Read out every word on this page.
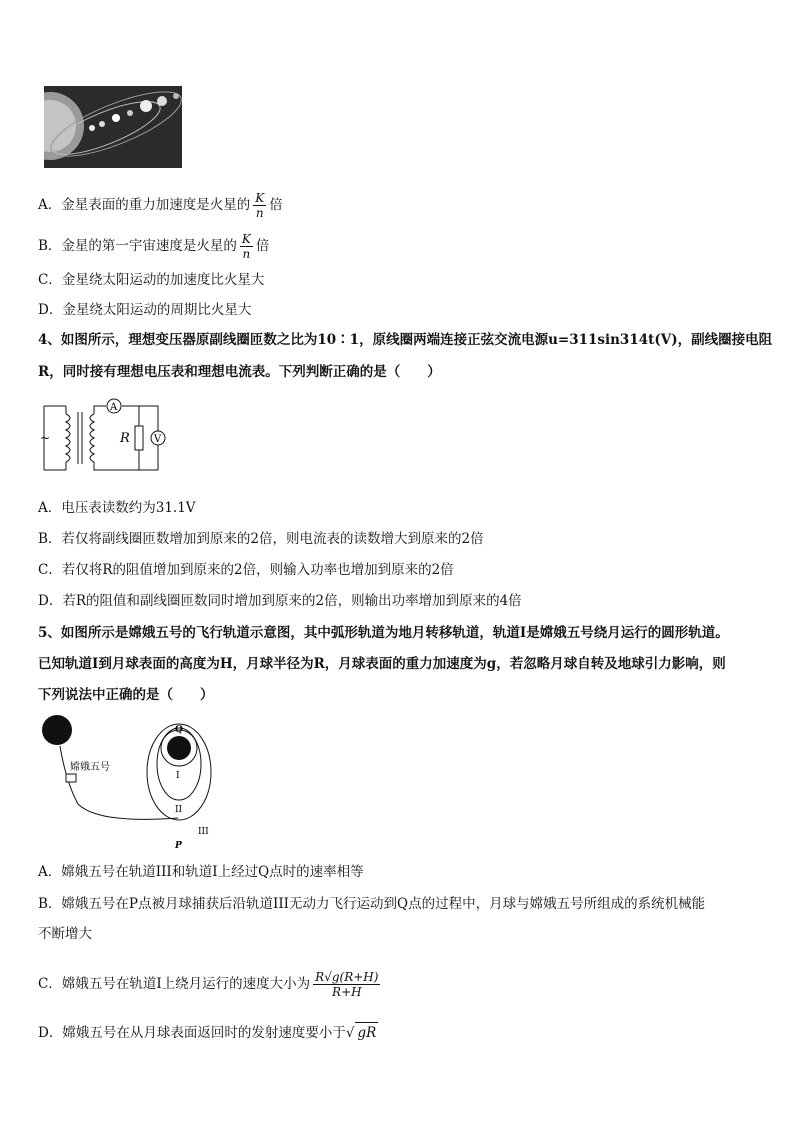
A．金星表面的重力加速度是火星的 $\frac{K}{n}$ 倍
B．金星的第一宇宙速度是火星的 $\frac{K}{n}$ 倍
C．金星绕太阳运动的加速度比火星大
D．金星绕太阳运动的周期比火星大
4、如图所示，理想变压器原副线圈匝数之比为10∶1，原线圈两端连接正弦交流电源u=311sin314t(V)，副线圈接电阻
R，同时接有理想电压表和理想电流表。下列判断正确的是（　　）
~
A
V
R
A．电压表读数约为31.1V
B．若仅将副线圈匝数增加到原来的2倍，则电流表的读数增大到原来的2倍
C．若仅将R的阻值增加到原来的2倍，则输入功率也增加到原来的2倍
D．若R的阻值和副线圈匝数同时增加到原来的2倍，则输出功率增加到原来的4倍
5、如图所示是嫦娥五号的飞行轨道示意图，其中弧形轨道为地月转移轨道，轨道I是嫦娥五号绕月运行的圆形轨道。
已知轨道I到月球表面的高度为H，月球半径为R，月球表面的重力加速度为g，若忽略月球自转及地球引力影响，则
下列说法中正确的是（　　）
嫦娥五号
Q
P
I
II
III
A．嫦娥五号在轨道III和轨道I上经过Q点时的速率相等
B．嫦娥五号在P点被月球捕获后沿轨道III无动力飞行运动到Q点的过程中，月球与嫦娥五号所组成的系统机械能
不断增大
C．嫦娥五号在轨道I上绕月运行的速度大小为 $\frac{R√g(R+H)}{R+H}$
D．嫦娥五号在从月球表面返回时的发射速度要小于√ gR
